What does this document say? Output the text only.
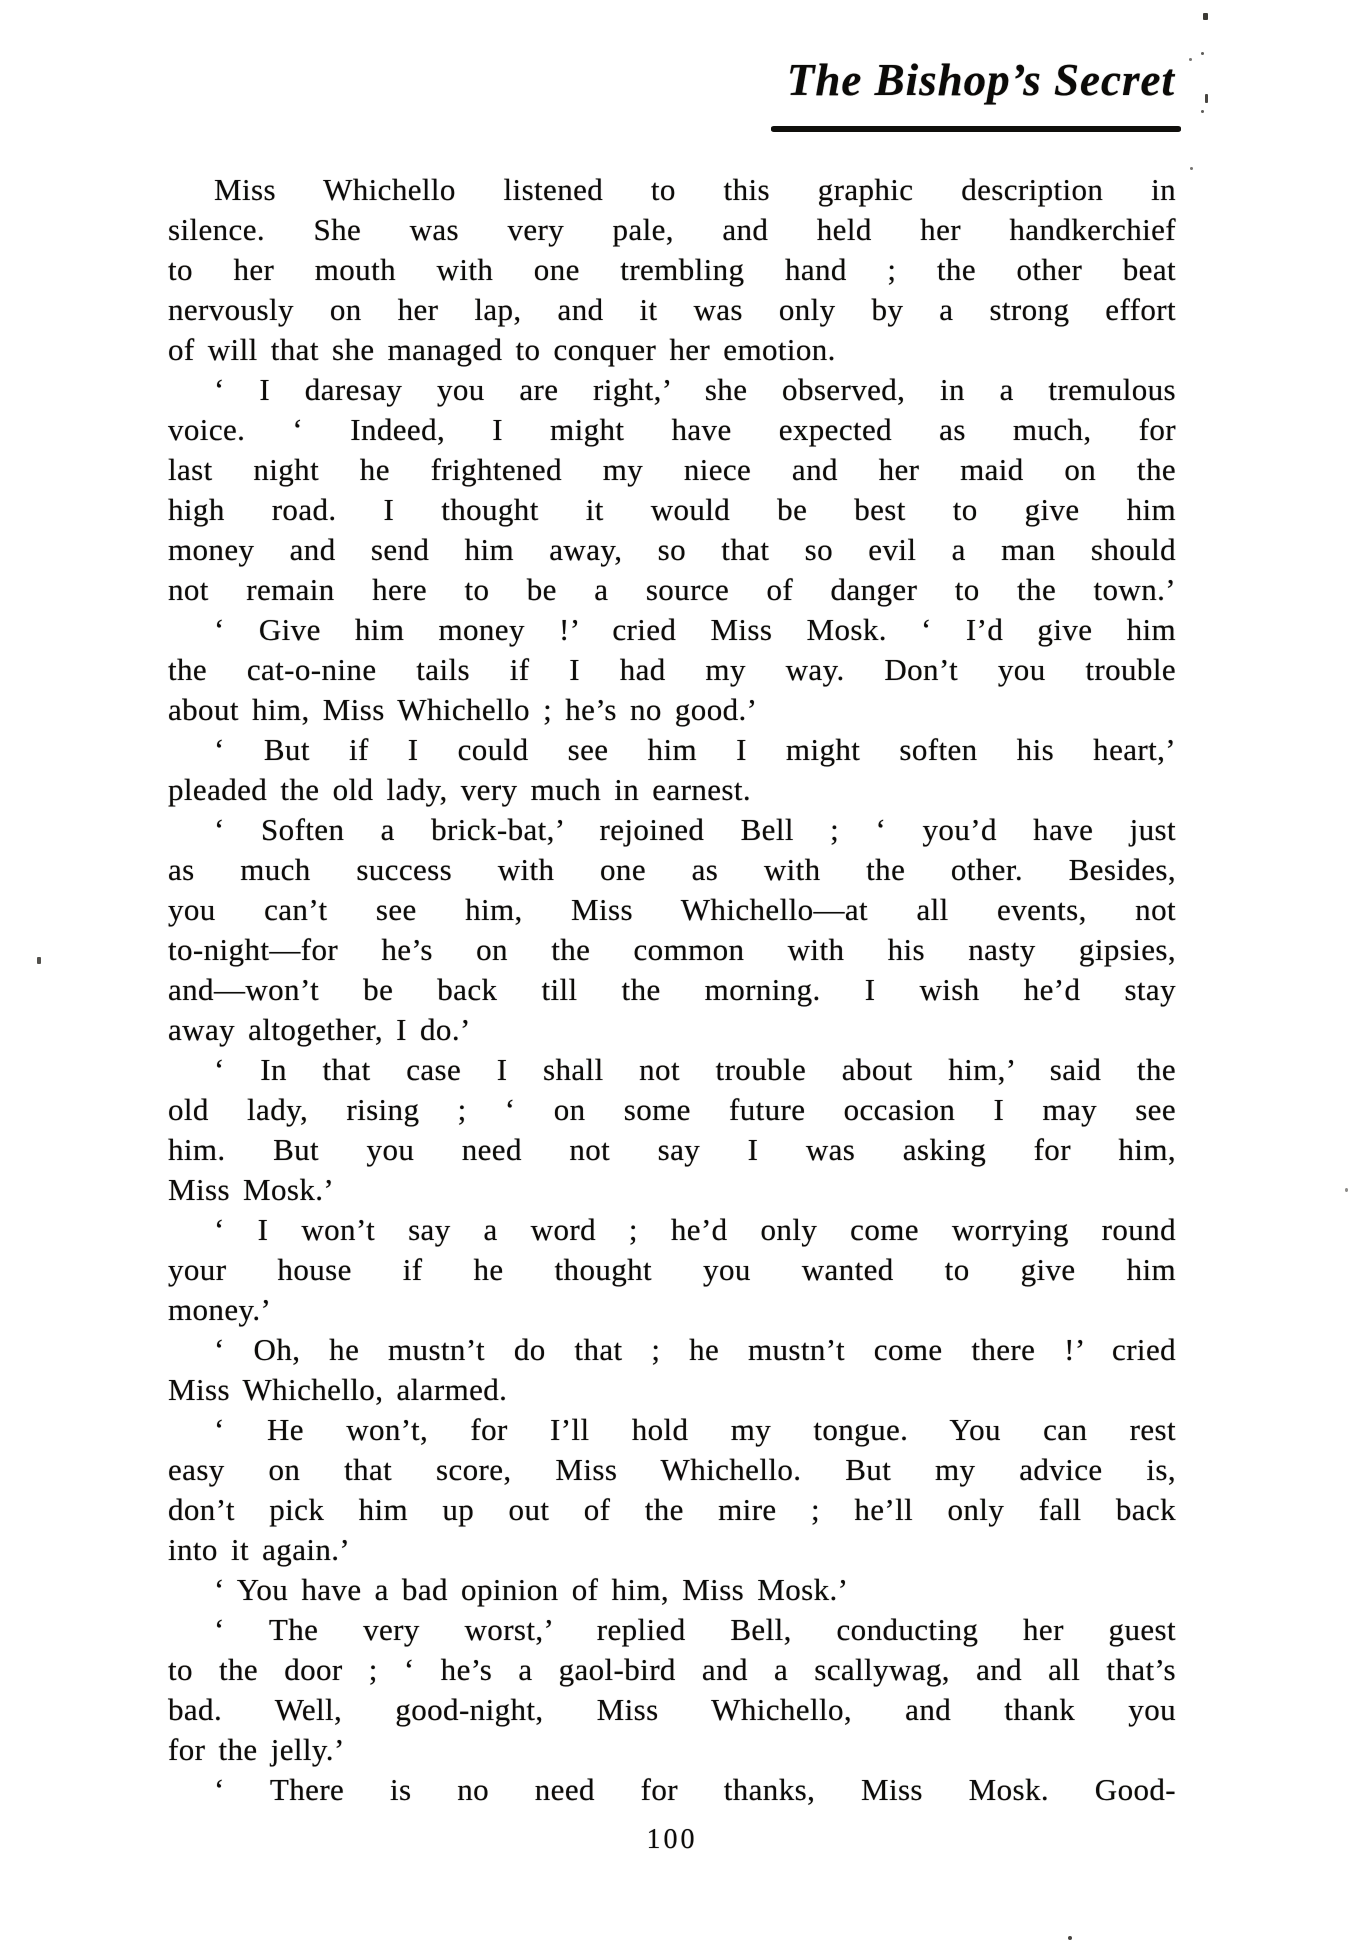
The Bishop’s Secret
Miss Whichello listened to this graphic description in
silence. She was very pale, and held her handkerchief
to her mouth with one trembling hand ; the other beat
nervously on her lap, and it was only by a strong effort
of will that she managed to conquer her emotion.
‘ I daresay you are right,’ she observed, in a tremulous
voice. ‘ Indeed, I might have expected as much, for
last night he frightened my niece and her maid on the
high road. I thought it would be best to give him
money and send him away, so that so evil a man should
not remain here to be a source of danger to the town.’
‘ Give him money !’ cried Miss Mosk. ‘ I’d give him
the cat-o-nine tails if I had my way. Don’t you trouble
about him, Miss Whichello ; he’s no good.’
‘ But if I could see him I might soften his heart,’
pleaded the old lady, very much in earnest.
‘ Soften a brick-bat,’ rejoined Bell ; ‘ you’d have just
as much success with one as with the other. Besides,
you can’t see him, Miss Whichello—at all events, not
to-night—for he’s on the common with his nasty gipsies,
and—won’t be back till the morning. I wish he’d stay
away altogether, I do.’
‘ In that case I shall not trouble about him,’ said the
old lady, rising ; ‘ on some future occasion I may see
him. But you need not say I was asking for him,
Miss Mosk.’
‘ I won’t say a word ; he’d only come worrying round
your house if he thought you wanted to give him
money.’
‘ Oh, he mustn’t do that ; he mustn’t come there !’ cried
Miss Whichello, alarmed.
‘ He won’t, for I’ll hold my tongue. You can rest
easy on that score, Miss Whichello. But my advice is,
don’t pick him up out of the mire ; he’ll only fall back
into it again.’
‘ You have a bad opinion of him, Miss Mosk.’
‘ The very worst,’ replied Bell, conducting her guest
to the door ; ‘ he’s a gaol-bird and a scallywag, and all that’s
bad. Well, good-night, Miss Whichello, and thank you
for the jelly.’
‘ There is no need for thanks, Miss Mosk. Good-
100
